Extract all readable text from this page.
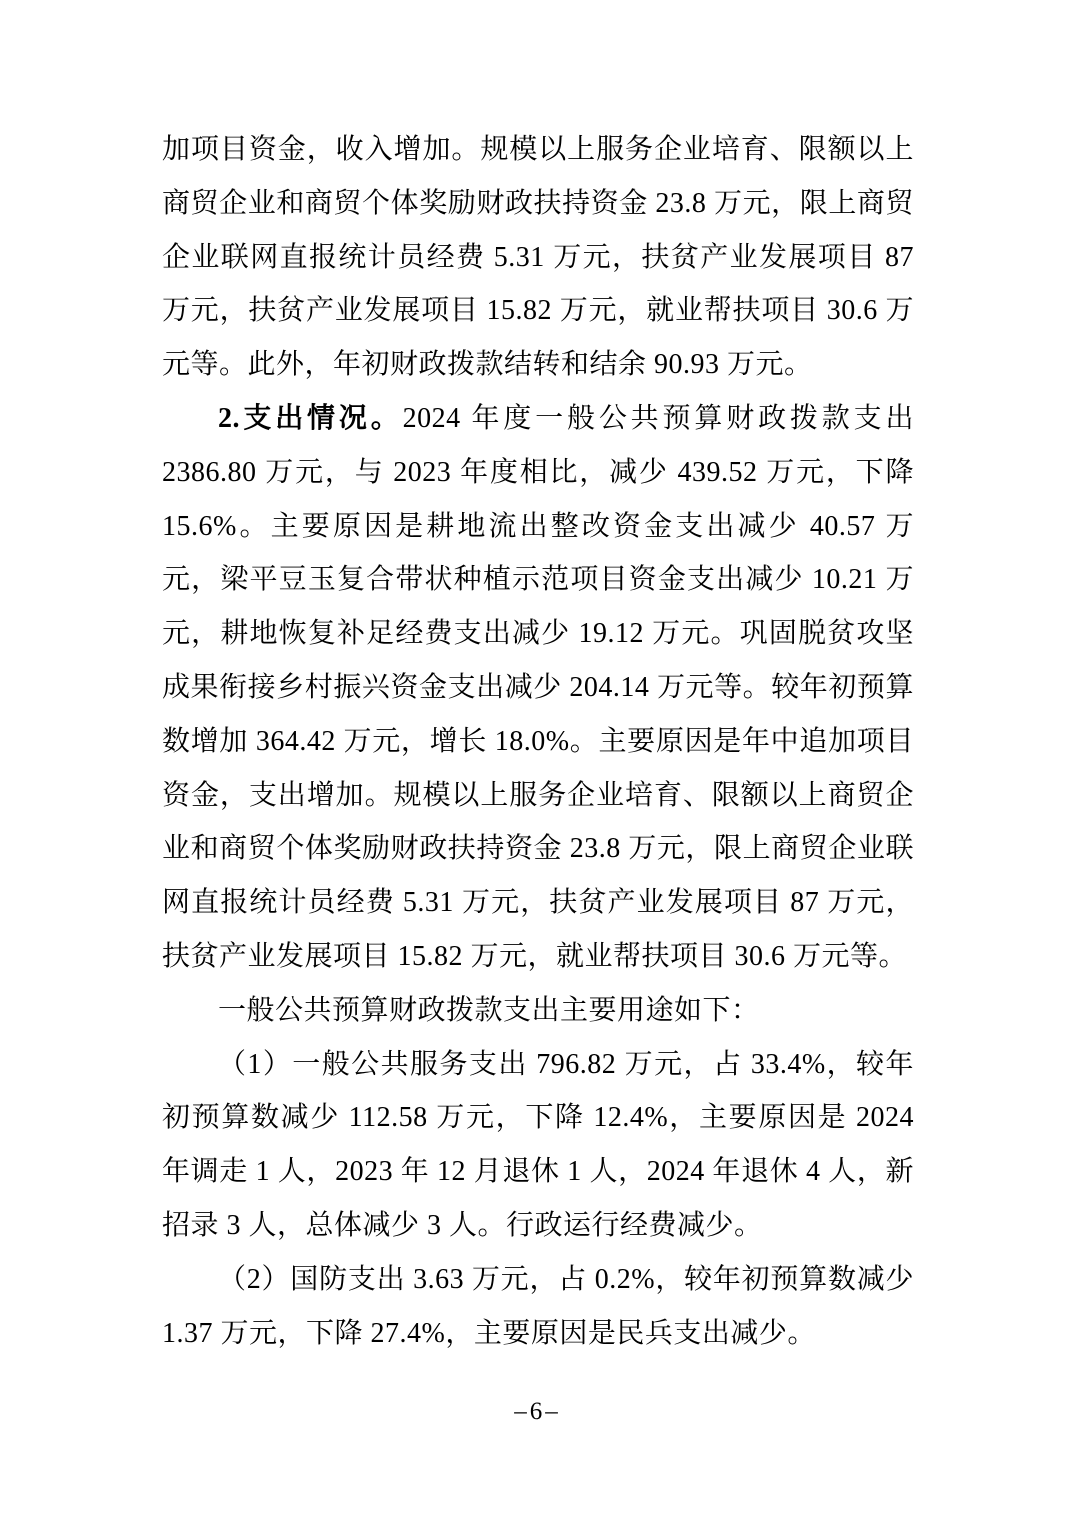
加项目资金，收入增加。规模以上服务企业培育、限额以上商贸企业和商贸个体奖励财政扶持资金 23.8 万元，限上商贸企业联网直报统计员经费 5.31 万元，扶贫产业发展项目 87 万元，扶贫产业发展项目 15.82 万元，就业帮扶项目 30.6 万元等。此外，年初财政拨款结转和结余 90.93 万元。

2.支出情况。2024 年度一般公共预算财政拨款支出 2386.80 万元，与 2023 年度相比，减少 439.52 万元，下降 15.6%。主要原因是耕地流出整改资金支出减少 40.57 万元，梁平豆玉复合带状种植示范项目资金支出减少 10.21 万元，耕地恢复补足经费支出减少 19.12 万元。巩固脱贫攻坚成果衔接乡村振兴资金支出减少 204.14 万元等。较年初预算数增加 364.42 万元，增长 18.0%。主要原因是年中追加项目资金，支出增加。规模以上服务企业培育、限额以上商贸企业和商贸个体奖励财政扶持资金 23.8 万元，限上商贸企业联网直报统计员经费 5.31 万元，扶贫产业发展项目 87 万元，扶贫产业发展项目 15.82 万元，就业帮扶项目 30.6 万元等。

一般公共预算财政拨款支出主要用途如下：

（1）一般公共服务支出 796.82 万元，占 33.4%，较年初预算数减少 112.58 万元，下降 12.4%，主要原因是 2024 年调走 1 人，2023 年 12 月退休 1 人，2024 年退休 4 人，新招录 3 人，总体减少 3 人。行政运行经费减少。

（2）国防支出 3.63 万元，占 0.2%，较年初预算数减少 1.37 万元，下降 27.4%，主要原因是民兵支出减少。

–6–
